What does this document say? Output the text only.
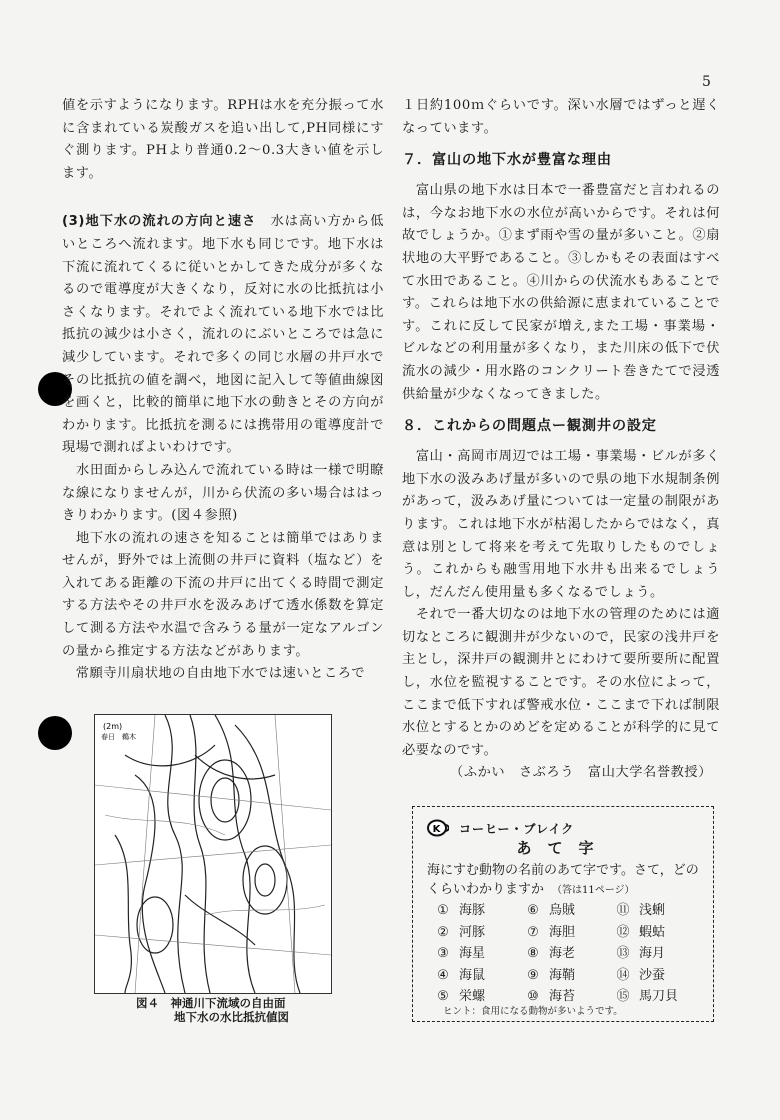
5

値を示すようになります。RPHは水を充分振って水に含まれている炭酸ガスを追い出して,PH同様にすぐ測ります。PHより普通0.2〜0.3大きい値を示します。

(3)地下水の流れの方向と速さ　 水は高い方から低いところへ流れます。地下水も同じです。地下水は下流に流れてくるに従いとかしてきた成分が多くなるので電導度が大きくなり，反対に水の比抵抗は小さくなります。それでよく流れている地下水では比抵抗の減少は小さく，流れのにぶいところでは急に減少しています。それで多くの同じ水層の井戸水でその比抵抗の値を調べ，地図に記入して等値曲線図を画くと，比較的簡単に地下水の動きとその方向がわかります。比抵抗を測るには携帯用の電導度計で現場で測ればよいわけです。

　水田面からしみ込んで流れている時は一様で明瞭な線になりませんが，川から伏流の多い場合ははっきりわかります。(図４参照)

　地下水の流れの速さを知ることは簡単ではありませんが，野外では上流側の井戸に資料（塩など）を入れてある距離の下流の井戸に出てくる時間で測定する方法やその井戸水を汲みあげて透水係数を算定して測る方法や水温で含みうる量が一定なアルゴンの量から推定する方法などがあります。

　常願寺川扇状地の自由地下水では速いところで

(2m)
春日　鵜木
図４　神通川下流域の自由面
地下水の水比抵抗値図

１日約100ｍぐらいです。深い水層ではずっと遅くなっています。

７．富山の地下水が豊富な理由

　富山県の地下水は日本で一番豊富だと言われるのは，今なお地下水の水位が高いからです。それは何故でしょうか。①まず雨や雪の量が多いこと。②扇状地の大平野であること。③しかもその表面はすべて水田であること。④川からの伏流水もあることです。これらは地下水の供給源に恵まれていることです。これに反して民家が増え,また工場・事業場・ビルなどの利用量が多くなり，また川床の低下で伏流水の減少・用水路のコンクリート巻きたてで浸透供給量が少なくなってきました。

８．これからの問題点ー観測井の設定

　富山・高岡市周辺では工場・事業場・ビルが多く地下水の汲みあげ量が多いので県の地下水規制条例があって，汲みあげ量については一定量の制限があります。これは地下水が枯渇したからではなく，真意は別として将来を考えて先取りしたものでしょう。これからも融雪用地下水井も出来るでしょうし，だんだん使用量も多くなるでしょう。

　それで一番大切なのは地下水の管理のためには適切なところに観測井が少ないので，民家の浅井戸を主とし，深井戸の観測井とにわけて要所要所に配置し，水位を監視することです。その水位によって，ここまで低下すれば警戒水位・ここまで下れば制限水位とするとかのめどを定めることが科学的に見て必要なのです。

（ふかい　さぶろう　富山大学名誉教授）

K コーヒー・ブレイク
あて字
海にすむ動物の名前のあて字です。さて，どのくらいわかりますか　 （答は11ページ）
① 海豚	⑥ 烏賊	⑪ 浅蜊
② 河豚	⑦ 海胆	⑫ 蝦蛄
③ 海星	⑧ 海老	⑬ 海月
④ 海鼠	⑨ 海鞘	⑭ 沙蚕
⑤ 栄螺	⑩ 海苔	⑮ 馬刀貝
ヒント：食用になる動物が多いようです。
